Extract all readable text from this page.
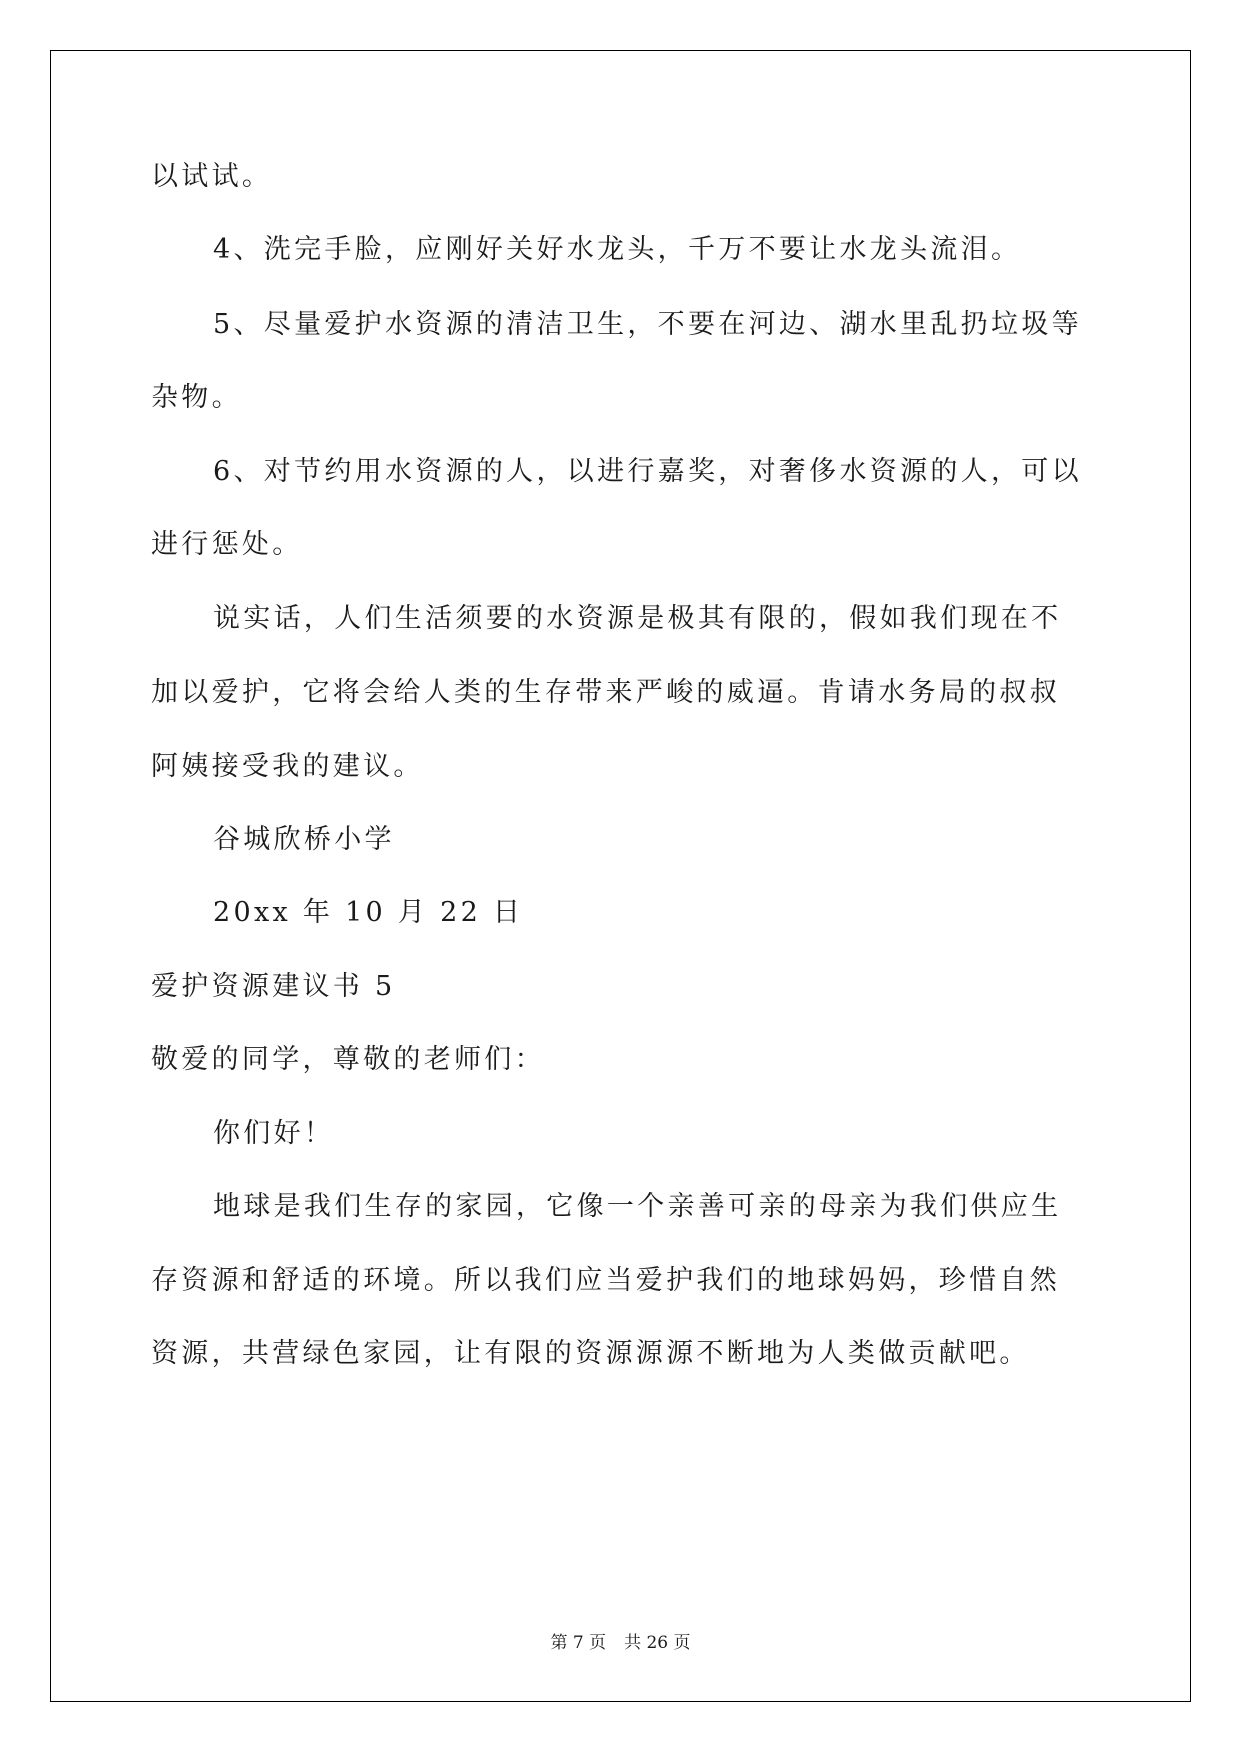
以试试。
4、洗完手脸，应刚好关好水龙头，千万不要让水龙头流泪。
5、尽量爱护水资源的清洁卫生，不要在河边、湖水里乱扔垃圾等
杂物。
6、对节约用水资源的人，以进行嘉奖，对奢侈水资源的人，可以
进行惩处。
说实话，人们生活须要的水资源是极其有限的，假如我们现在不
加以爱护，它将会给人类的生存带来严峻的威逼。肯请水务局的叔叔
阿姨接受我的建议。
谷城欣桥小学
20xx 年 10 月 22 日
爱护资源建议书 5
敬爱的同学，尊敬的老师们：
你们好！
地球是我们生存的家园，它像一个亲善可亲的母亲为我们供应生
存资源和舒适的环境。所以我们应当爱护我们的地球妈妈，珍惜自然
资源，共营绿色家园，让有限的资源源源不断地为人类做贡献吧。
第 7 页 共 26 页
